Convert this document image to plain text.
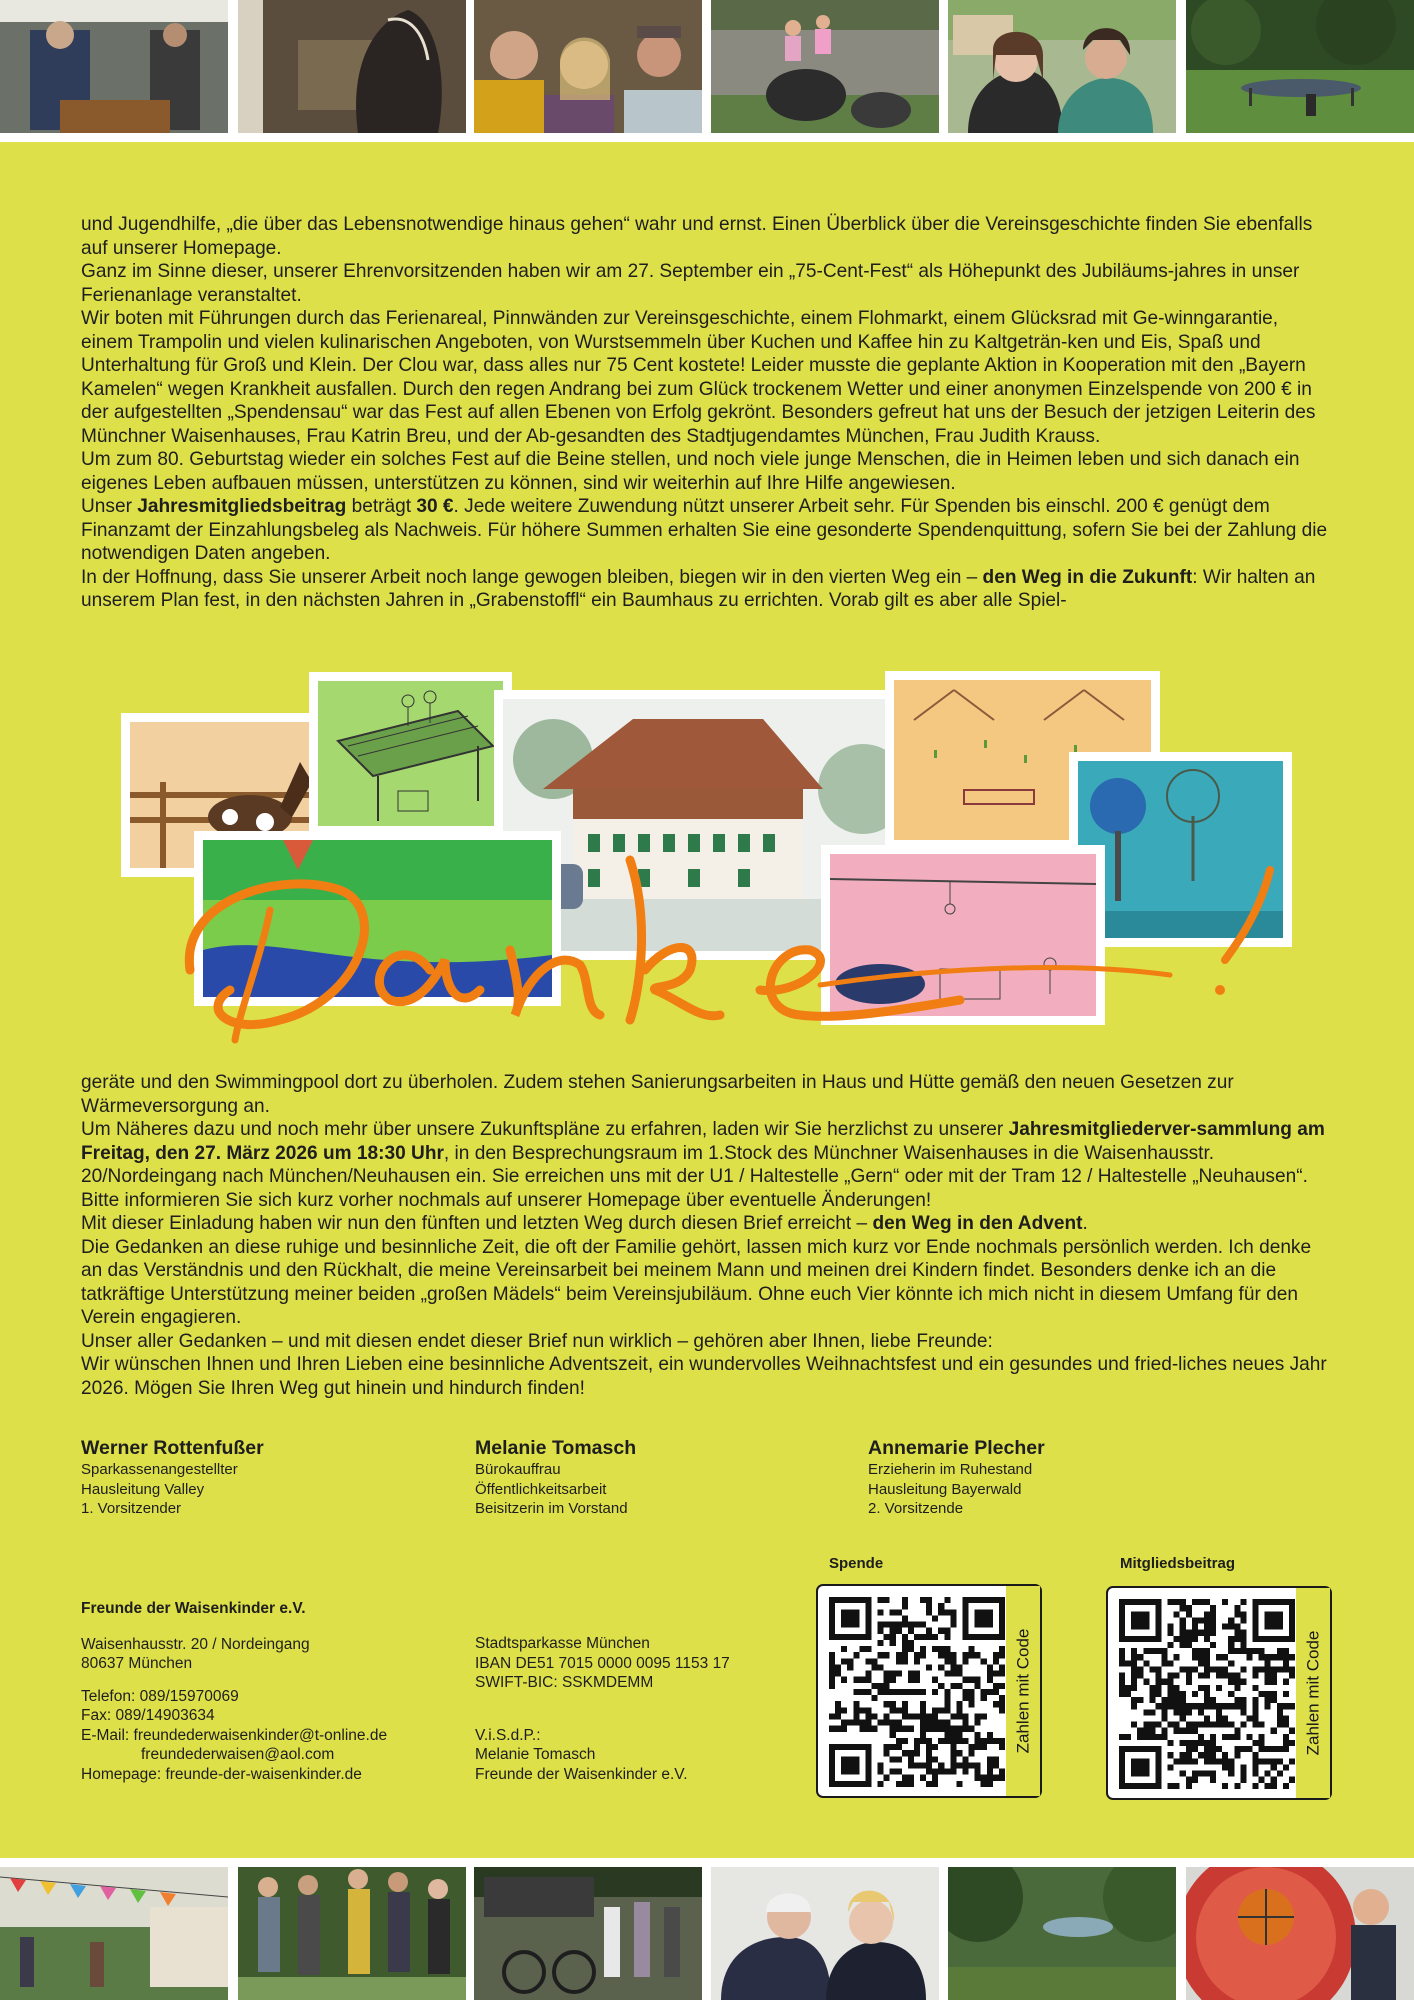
und Jugendhilfe, „die über das Lebensnotwendige hinaus gehen“ wahr und ernst. Einen Überblick über die Vereinsgeschichte finden Sie ebenfalls auf unserer Homepage.

Ganz im Sinne dieser, unserer Ehrenvorsitzenden haben wir am 27. September ein „75-Cent-Fest“ als Höhepunkt des Jubiläums-jahres in unser Ferienanlage veranstaltet.

Wir boten mit Führungen durch das Ferienareal, Pinnwänden zur Vereinsgeschichte, einem Flohmarkt, einem Glücksrad mit Ge-winngarantie, einem Trampolin und vielen kulinarischen Angeboten, von Wurstsemmeln über Kuchen und Kaffee hin zu Kaltgeträn-ken und Eis, Spaß und Unterhaltung für Groß und Klein. Der Clou war, dass alles nur 75 Cent kostete! Leider musste die geplante Aktion in Kooperation mit den „Bayern Kamelen“ wegen Krankheit ausfallen. Durch den regen Andrang bei zum Glück trockenem Wetter und einer anonymen Einzelspende von 200 € in der aufgestellten „Spendensau“ war das Fest auf allen Ebenen von Erfolg gekrönt. Besonders gefreut hat uns der Besuch der jetzigen Leiterin des Münchner Waisenhauses, Frau Katrin Breu, und der Ab-gesandten des Stadtjugendamtes München, Frau Judith Krauss.

Um zum 80. Geburtstag wieder ein solches Fest auf die Beine stellen, und noch viele junge Menschen, die in Heimen leben und sich danach ein eigenes Leben aufbauen müssen, unterstützen zu können, sind wir weiterhin auf Ihre Hilfe angewiesen.

Unser Jahresmitgliedsbeitrag beträgt 30 €. Jede weitere Zuwendung nützt unserer Arbeit sehr. Für Spenden bis einschl. 200 € genügt dem Finanzamt der Einzahlungsbeleg als Nachweis. Für höhere Summen erhalten Sie eine gesonderte Spendenquittung, sofern Sie bei der Zahlung die notwendigen Daten angeben.

In der Hoffnung, dass Sie unserer Arbeit noch lange gewogen bleiben, biegen wir in den vierten Weg ein – den Weg in die Zukunft: Wir halten an unserem Plan fest, in den nächsten Jahren in „Grabenstoffl“ ein Baumhaus zu errichten. Vorab gilt es aber alle Spiel-

geräte und den Swimmingpool dort zu überholen. Zudem stehen Sanierungsarbeiten in Haus und Hütte gemäß den neuen Gesetzen zur Wärmeversorgung an.

Um Näheres dazu und noch mehr über unsere Zukunftspläne zu erfahren, laden wir Sie herzlichst zu unserer Jahresmitgliederver-sammlung am Freitag, den 27. März 2026 um 18:30 Uhr, in den Besprechungsraum im 1.Stock des Münchner Waisenhauses in die Waisenhausstr. 20/Nordeingang nach München/Neuhausen ein. Sie erreichen uns mit der U1 / Haltestelle „Gern“ oder mit der Tram 12 / Haltestelle „Neuhausen“. Bitte informieren Sie sich kurz vorher nochmals auf unserer Homepage über eventuelle Änderungen!

Mit dieser Einladung haben wir nun den fünften und letzten Weg durch diesen Brief erreicht – den Weg in den Advent.

Die Gedanken an diese ruhige und besinnliche Zeit, die oft der Familie gehört, lassen mich kurz vor Ende nochmals persönlich werden. Ich denke an das Verständnis und den Rückhalt, die meine Vereinsarbeit bei meinem Mann und meinen drei Kindern findet. Besonders denke ich an die tatkräftige Unterstützung meiner beiden „großen Mädels“ beim Vereinsjubiläum. Ohne euch Vier könnte ich mich nicht in diesem Umfang für den Verein engagieren.

Unser aller Gedanken – und mit diesen endet dieser Brief nun wirklich – gehören aber Ihnen, liebe Freunde:

Wir wünschen Ihnen und Ihren Lieben eine besinnliche Adventszeit, ein wundervolles Weihnachtsfest und ein gesundes und fried-liches neues Jahr 2026. Mögen Sie Ihren Weg gut hinein und hindurch finden!

Werner Rottenfußer
Sparkassenangestellter
Hausleitung Valley
1. Vorsitzender
Melanie Tomasch
Bürokauffrau
Öffentlichkeitsarbeit
Beisitzerin im Vorstand
Annemarie Plecher
Erzieherin im Ruhestand
Hausleitung Bayerwald
2. Vorsitzende

Freunde der Waisenkinder e.V.

Waisenhausstr. 20 / Nordeingang

80637 München

Telefon: 089/15970069

Fax: 089/14903634

E-Mail: freundederwaisenkinder@t-online.de

freundederwaisen@aol.com

Homepage: freunde-der-waisenkinder.de

Stadtsparkasse München

IBAN DE51 7015 0000 0095 1153 17

SWIFT-BIC: SSKMDEMM

V.i.S.d.P.:

Melanie Tomasch

Freunde der Waisenkinder e.V.

Spende
Zahlen mit Code
Mitgliedsbeitrag
Zahlen mit Code
